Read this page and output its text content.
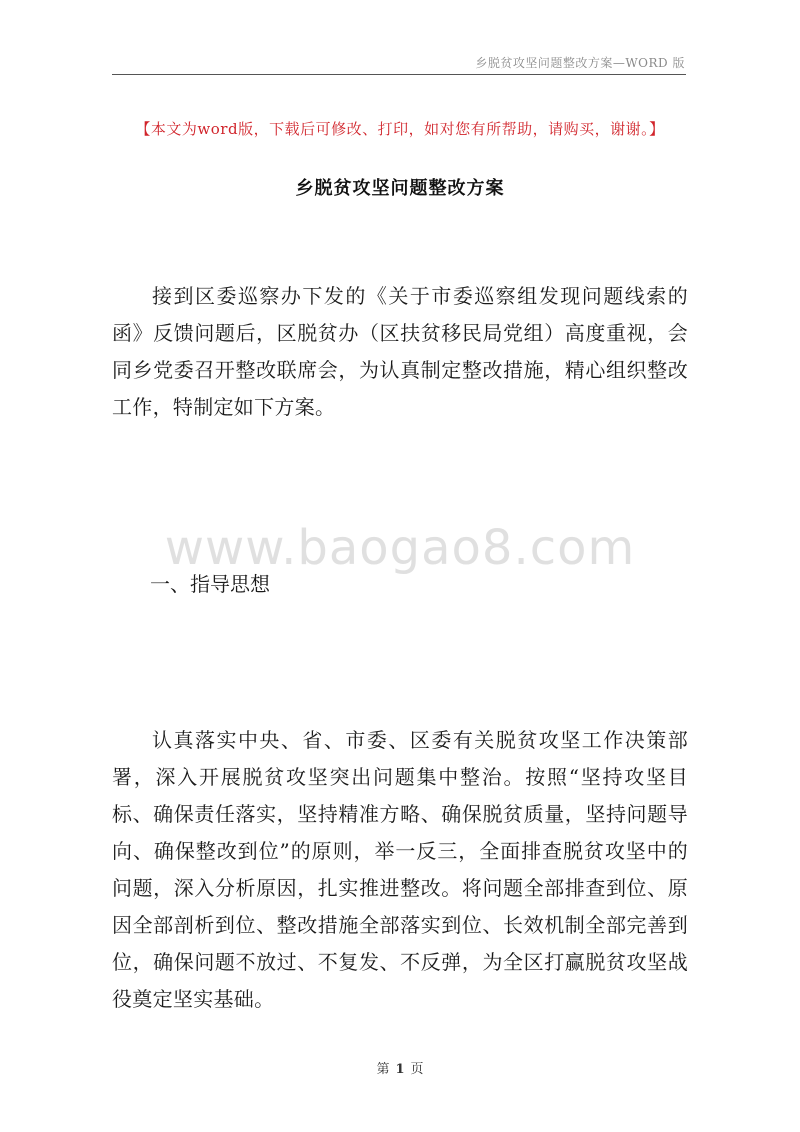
乡脱贫攻坚问题整改方案—WORD 版
【本文为word版，下载后可修改、打印，如对您有所帮助，请购买，谢谢。】
乡脱贫攻坚问题整改方案

接到区委巡察办下发的《关于市委巡察组发现问题线索的函》反馈问题后，区脱贫办（区扶贫移民局党组）高度重视，会同乡党委召开整改联席会，为认真制定整改措施，精心组织整改工作，特制定如下方案。

www.baogao8.com
一、指导思想

认真落实中央、省、市委、区委有关脱贫攻坚工作决策部署，深入开展脱贫攻坚突出问题集中整治。按照“坚持攻坚目标、确保责任落实，坚持精准方略、确保脱贫质量，坚持问题导向、确保整改到位”的原则，举一反三，全面排查脱贫攻坚中的问题，深入分析原因，扎实推进整改。将问题全部排查到位、原因全部剖析到位、整改措施全部落实到位、长效机制全部完善到位，确保问题不放过、不复发、不反弹，为全区打赢脱贫攻坚战役奠定坚实基础。

第 1 页
